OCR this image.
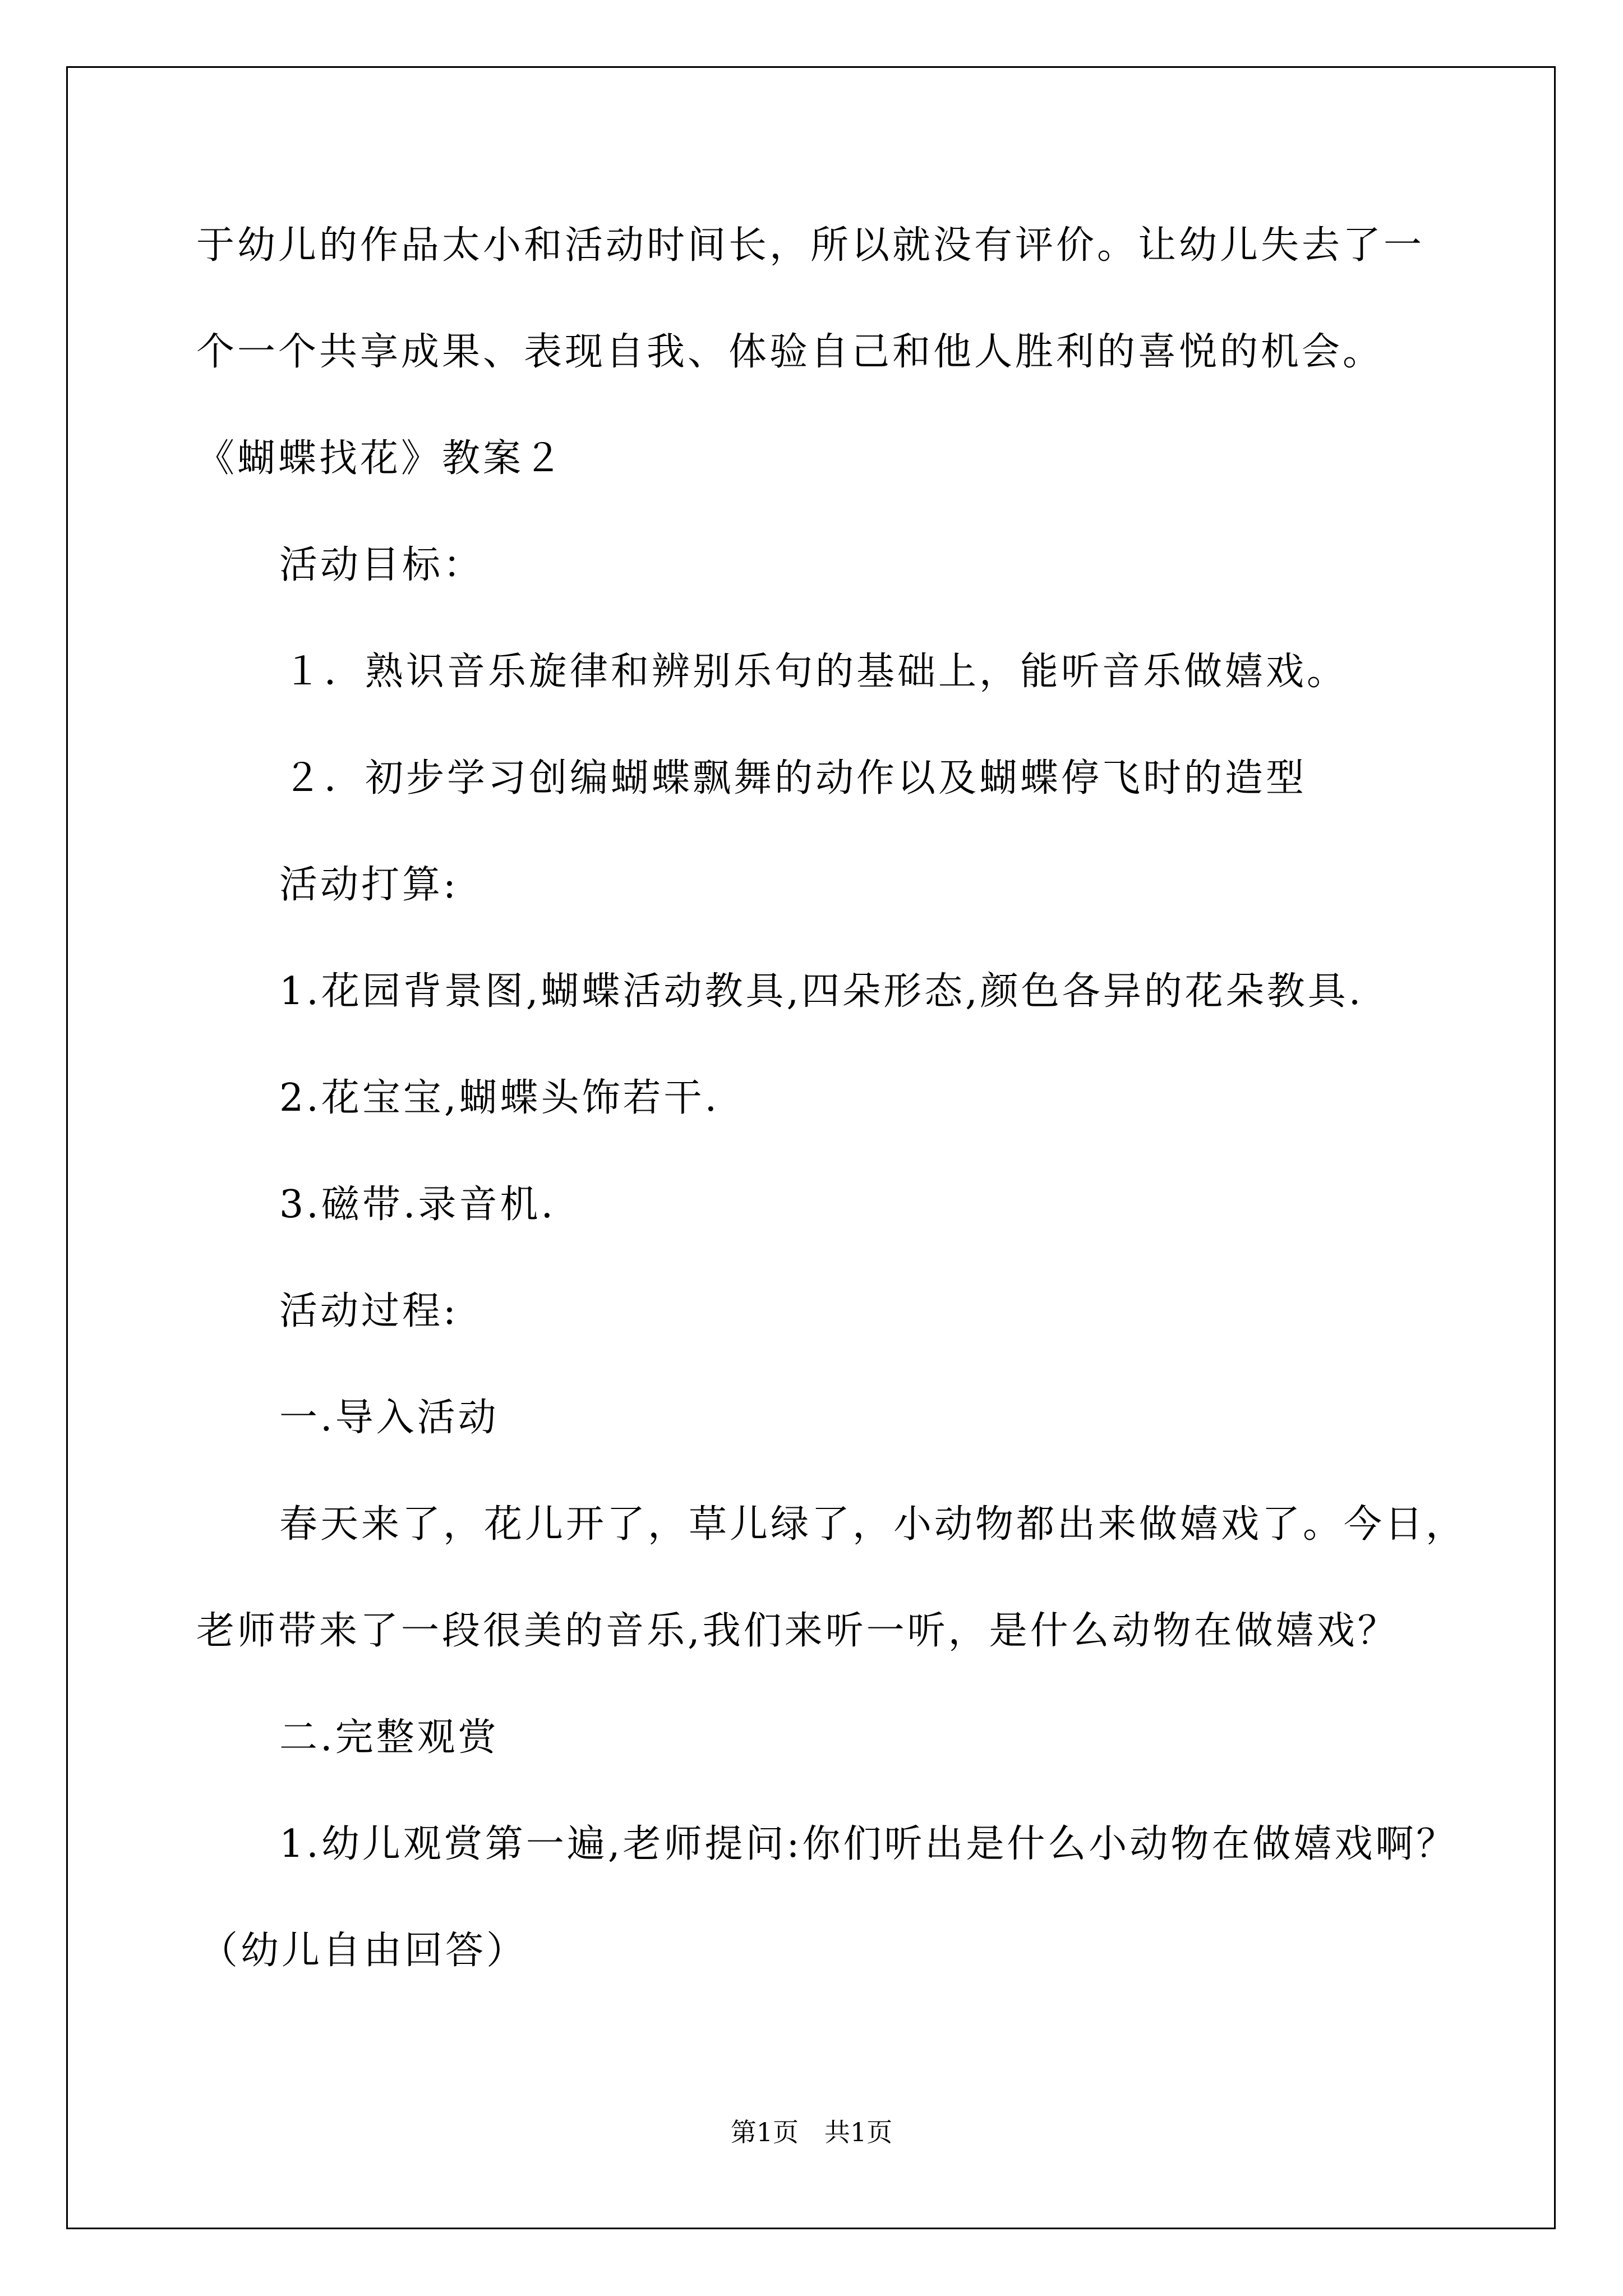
于幼儿的作品太小和活动时间长，所以就没有评价。让幼儿失去了一
个一个共享成果、表现自我、体验自己和他人胜利的喜悦的机会。
《蝴蝶找花》教案２
活动目标：
１．熟识音乐旋律和辨别乐句的基础上，能听音乐做嬉戏。
２．初步学习创编蝴蝶飘舞的动作以及蝴蝶停飞时的造型
活动打算:
1.花园背景图,蝴蝶活动教具,四朵形态,颜色各异的花朵教具.
2.花宝宝,蝴蝶头饰若干.
3.磁带.录音机.
活动过程:
一.导入活动
春天来了，花儿开了，草儿绿了，小动物都出来做嬉戏了。今日，
老师带来了一段很美的音乐,我们来听一听，是什么动物在做嬉戏？
二.完整观赏
1.幼儿观赏第一遍,老师提问:你们听出是什么小动物在做嬉戏啊？
（幼儿自由回答）
第1页　共1页
